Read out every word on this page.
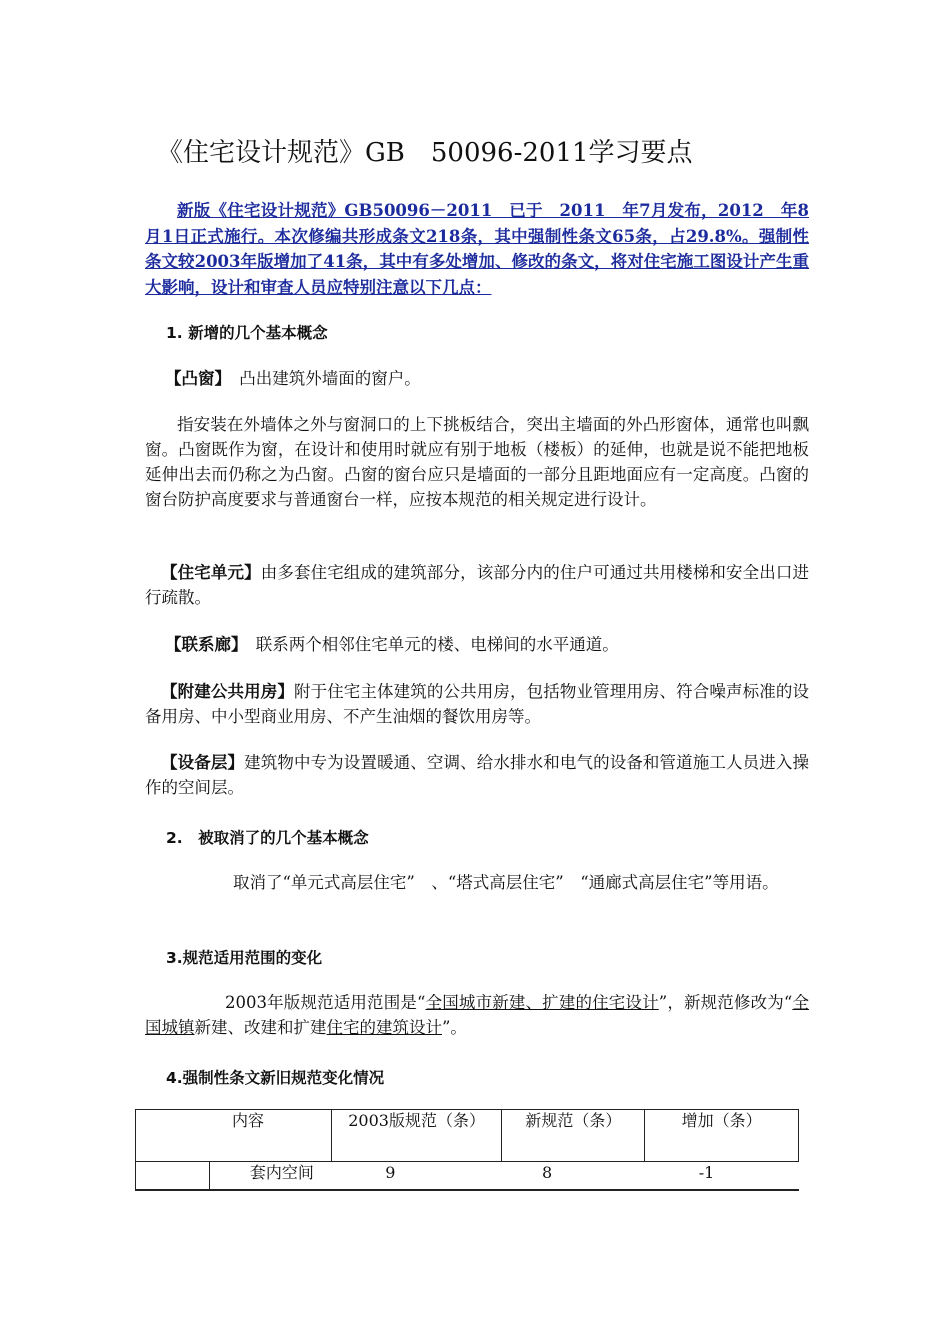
《住宅设计规范》GB　50096-2011学习要点
新版《住宅设计规范》GB50096－2011　已于　2011　年7月发布，2012　年8月1日正式施行。本次修编共形成条文218条，其中强制性条文65条，占29.8%。强制性条文较2003年版增加了41条，其中有多处增加、修改的条文，将对住宅施工图设计产生重大影响，设计和审查人员应特别注意以下几点：
1. 新增的几个基本概念
【凸窗】　凸出建筑外墙面的窗户。
指安装在外墙体之外与窗洞口的上下挑板结合，突出主墙面的外凸形窗体，通常也叫飘窗。凸窗既作为窗，在设计和使用时就应有别于地板（楼板）的延伸，也就是说不能把地板延伸出去而仍称之为凸窗。凸窗的窗台应只是墙面的一部分且距地面应有一定高度。凸窗的窗台防护高度要求与普通窗台一样，应按本规范的相关规定进行设计。
【住宅单元】由多套住宅组成的建筑部分，该部分内的住户可通过共用楼梯和安全出口进行疏散。
【联系廊】　联系两个相邻住宅单元的楼、电梯间的水平通道。
【附建公共用房】附于住宅主体建筑的公共用房，包括物业管理用房、符合噪声标准的设备用房、中小型商业用房、不产生油烟的餐饮用房等。
【设备层】建筑物中专为设置暖通、空调、给水排水和电气的设备和管道施工人员进入操作的空间层。
2.　被取消了的几个基本概念
取消了“单元式高层住宅”　、“塔式高层住宅”　“通廊式高层住宅”等用语。
3.规范适用范围的变化
2003年版规范适用范围是“全国城市新建、扩建的住宅设计”，新规范修改为“全国城镇新建、改建和扩建住宅的建筑设计”。
4.强制性条文新旧规范变化情况
内容		2003版规范（条）	新规范（条）	增加（条）
	套内空间	9	8	-1
